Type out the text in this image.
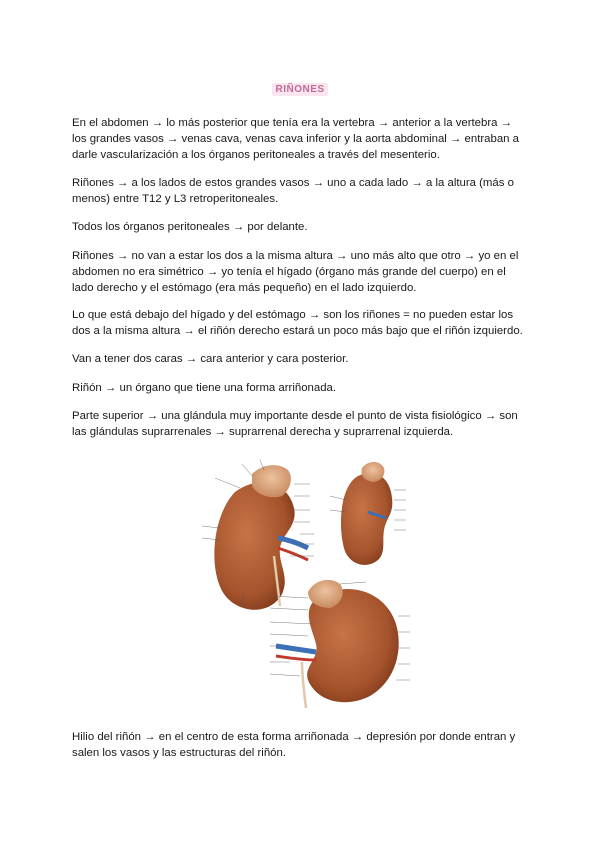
RIÑONES

En el abdomen → lo más posterior que tenía era la vertebra → anterior a la vertebra → los grandes vasos → venas cava, venas cava inferior y la aorta abdominal → entraban a darle vascularización a los órganos peritoneales a través del mesenterio.

Riñones → a los lados de estos grandes vasos → uno a cada lado → a la altura (más o menos) entre T12 y L3 retroperitoneales.

Todos los órganos peritoneales → por delante.

Riñones → no van a estar los dos a la misma altura → uno más alto que otro → yo en el abdomen no era simétrico → yo tenía el hígado (órgano más grande del cuerpo) en el lado derecho y el estómago (era más pequeño) en el lado izquierdo.

Lo que está debajo del hígado y del estómago → son los riñones = no pueden estar los dos a la misma altura → el riñón derecho estará un poco más bajo que el riñón izquierdo.

Van a tener dos caras → cara anterior y cara posterior.

Riñón → un órgano que tiene una forma arriñonada.

Parte superior → una glándula muy importante desde el punto de vista fisiológico → son las glándulas suprarrenales → suprarrenal derecha y suprarrenal izquierda.

Hilio del riñón → en el centro de esta forma arriñonada → depresión por donde entran y salen los vasos y las estructuras del riñón.
